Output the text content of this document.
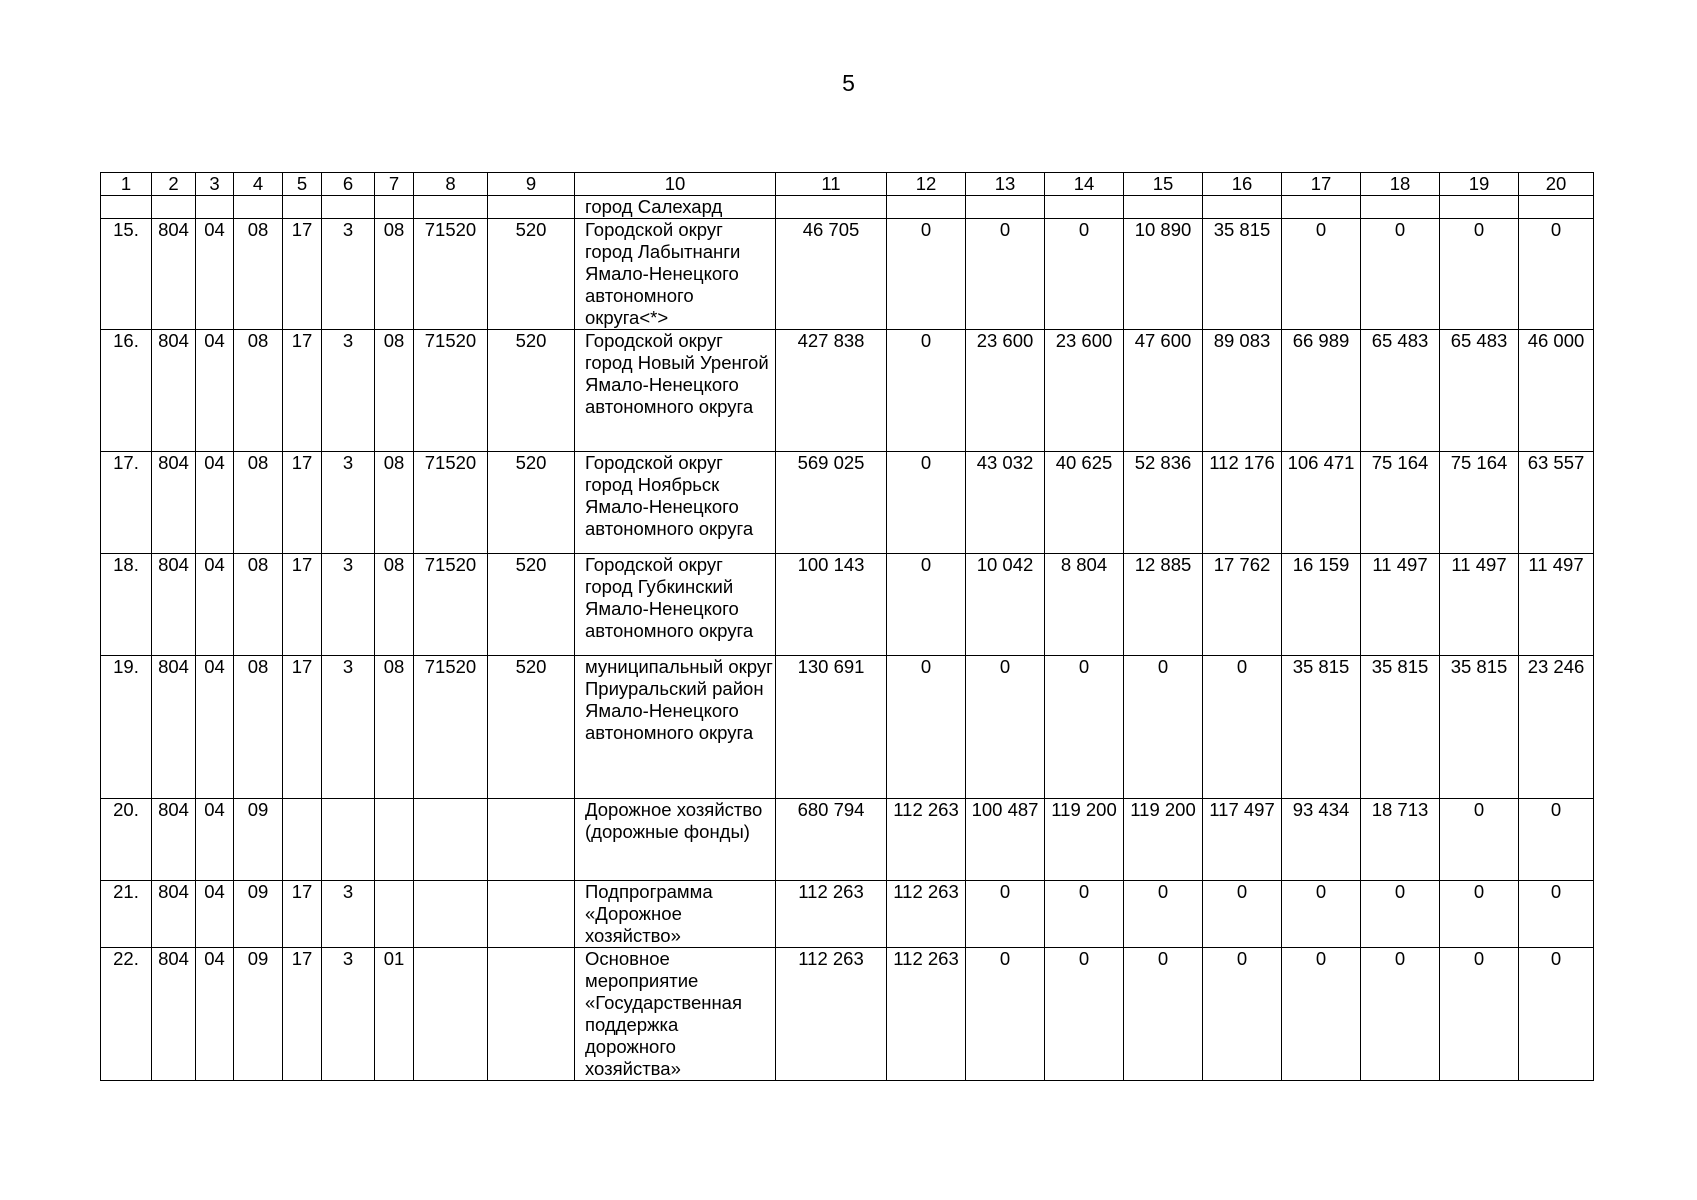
5
1	2	3	4	5	6	7	8	9	10	11	12	13	14	15	16	17	18	19	20
									город Салехард										
15.	804	04	08	17	3	08	71520	520	Городской округ город Лабытнанги Ямало-Ненецкого автономного округа<*>	46 705	0	0	0	10 890	35 815	0	0	0	0
16.	804	04	08	17	3	08	71520	520	Городской округ город Новый Уренгой Ямало-Ненецкого автономного округа	427 838	0	23 600	23 600	47 600	89 083	66 989	65 483	65 483	46 000
17.	804	04	08	17	3	08	71520	520	Городской округ город Ноябрьск Ямало-Ненецкого автономного округа	569 025	0	43 032	40 625	52 836	112 176	106 471	75 164	75 164	63 557
18.	804	04	08	17	3	08	71520	520	Городской округ город Губкинский Ямало-Ненецкого автономного округа	100 143	0	10 042	8 804	12 885	17 762	16 159	11 497	11 497	11 497
19.	804	04	08	17	3	08	71520	520	муниципальный округ Приуральский район Ямало-Ненецкого автономного округа	130 691	0	0	0	0	0	35 815	35 815	35 815	23 246
20.	804	04	09						Дорожное хозяйство (дорожные фонды)	680 794	112 263	100 487	119 200	119 200	117 497	93 434	18 713	0	0
21.	804	04	09	17	3				Подпрограмма «Дорожное хозяйство»	112 263	112 263	0	0	0	0	0	0	0	0
22.	804	04	09	17	3	01			Основное мероприятие «Государственная поддержка дорожного хозяйства»	112 263	112 263	0	0	0	0	0	0	0	0
